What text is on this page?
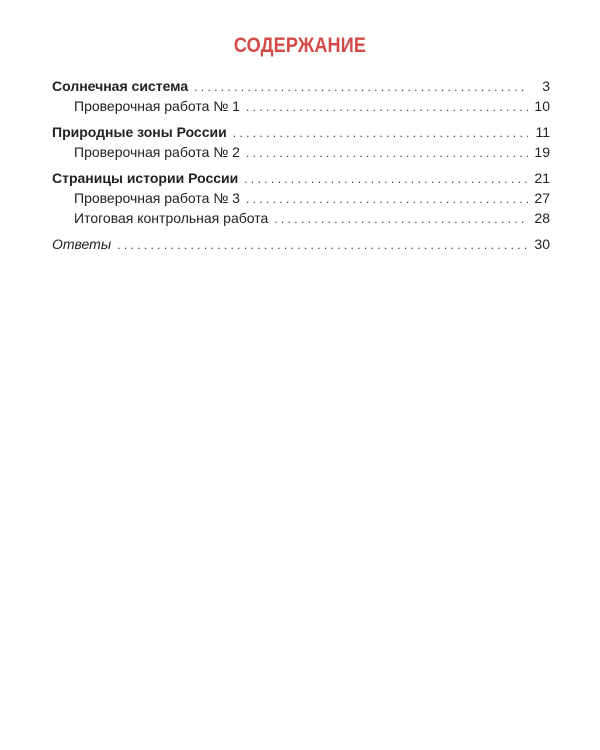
СОДЕРЖАНИЕ
Солнечная система . . .	3
Проверочная работа № 1 . . .	10
Природные зоны России . . .	11
Проверочная работа № 2 . . .	19
Страницы истории России . . .	21
Проверочная работа № 3 . . .	27
Итоговая контрольная работа . . .	28
Ответы . . .	30
